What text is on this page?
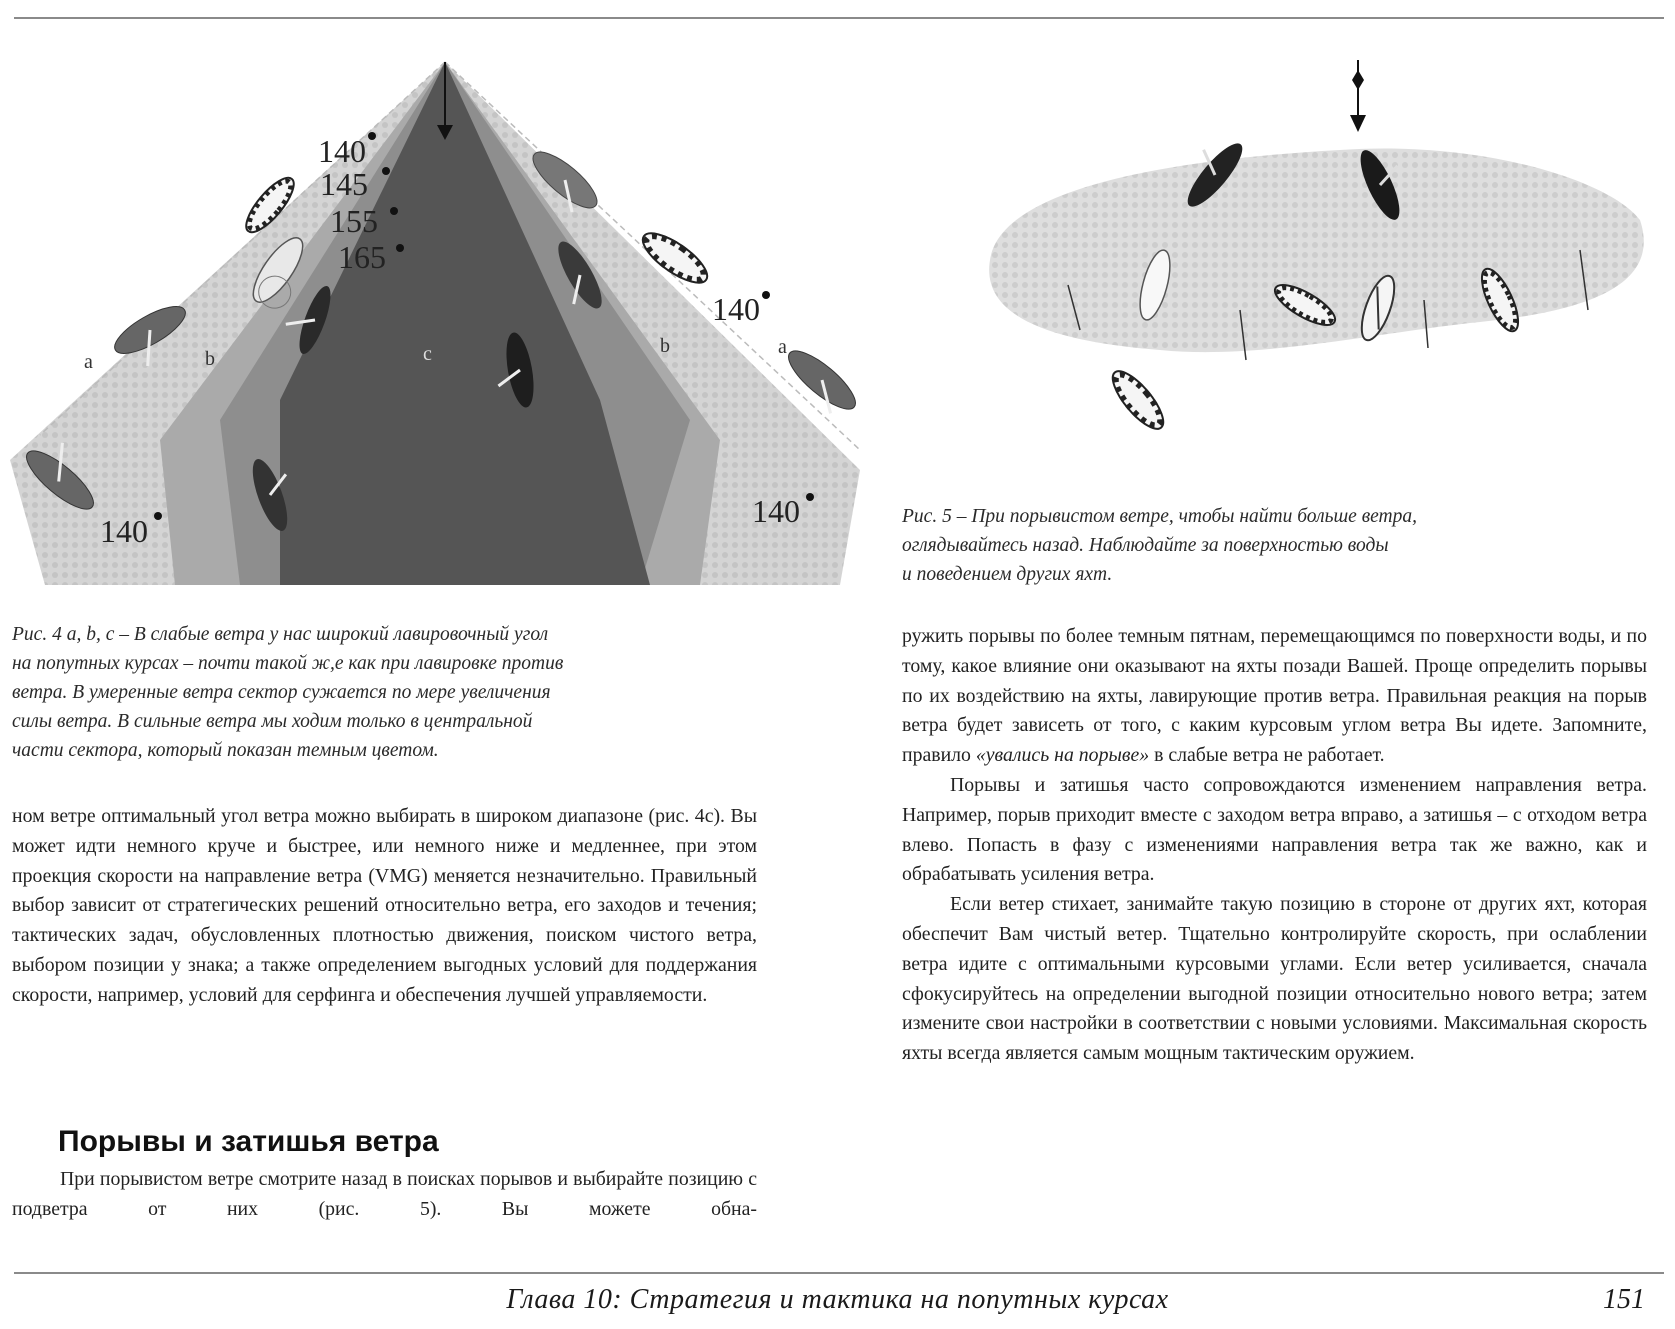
a	b	c	b	a
140
145
155
165
140
140
140	Рис. 5 – При порывистом ветре, чтобы найти больше ветра,

оглядывайтесь назад. Наблюдайте за поверхностью воды

и поведением других яхт.

Рис. 4 a, b, c – В слабые ветра у нас широкий лавировочный угол

на попутных курсах – почти такой ж,е как при лавировке против

ветра. В умеренные ветра сектор сужается по мере увеличения

силы ветра. В сильные ветра мы ходим только в центральной

части сектора, который показан темным цветом.

ном ветре оптимальный угол ветра можно выбирать в широком диапазоне (рис. 4с). Вы может идти немного круче и быстрее, или немного ниже и медленнее, при этом проекция скорости на направление ветра (VMG) меняется незначительно. Правильный выбор зависит от стратегических решений относительно ветра, его заходов и течения; тактических задач, обусловленных плотностью движения, поиском чистого ветра, выбором позиции у знака; а также определением выгодных условий для поддержания скорости, например, условий для серфинга и обеспечения лучшей управляемости.

Порывы и затишья ветра

При порывистом ветре смотрите назад в поисках порывов и выбирайте позицию с подветра от них (рис. 5). Вы можете обна-

ружить порывы по более темным пятнам, перемещающимся по поверхности воды, и по тому, какое влияние они оказывают на яхты позади Вашей. Проще определить порывы по их воздействию на яхты, лавирующие против ветра. Правильная реакция на порыв ветра будет зависеть от того, с каким курсовым углом ветра Вы идете. Запомните, правило «увались на порыве» в слабые ветра не работает.

Порывы и затишья часто сопровождаются изменением направления ветра. Например, порыв приходит вместе с заходом ветра вправо, а затишья – с отходом ветра влево. Попасть в фазу с изменениями направления ветра так же важно, как и обрабатывать усиления ветра.

Если ветер стихает, занимайте такую позицию в стороне от других яхт, которая обеспечит Вам чистый ветер. Тщательно контролируйте скорость, при ослаблении ветра идите с оптимальными курсовыми углами. Если ветер усиливается, сначала сфокусируйтесь на определении выгодной позиции относительно нового ветра; затем измените свои настройки в соответствии с новыми условиями. Максимальная скорость яхты всегда является самым мощным тактическим оружием.

Глава 10: Стратегия и тактика на попутных курсах	151
